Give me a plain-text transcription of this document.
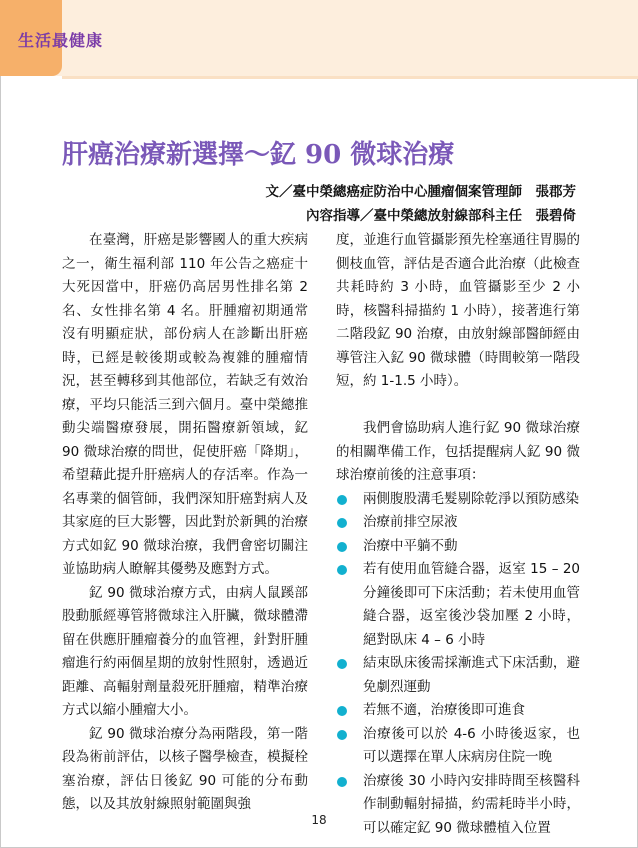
生活最健康
肝癌治療新選擇～釔 90 微球治療
文／臺中榮總癌症防治中心腫瘤個案管理師　張郡芳
內容指導／臺中榮總放射線部科主任　張碧倚

在臺灣，肝癌是影響國人的重大疾病之一，衛生福利部 110 年公告之癌症十大死因當中，肝癌仍高居男性排名第 2 名、女性排名第 4 名。肝腫瘤初期通常沒有明顯症狀，部份病人在診斷出肝癌時，已經是較後期或較為複雜的腫瘤情況，甚至轉移到其他部位，若缺乏有效治療，平均只能活三到六個月。臺中榮總推動尖端醫療發展，開拓醫療新領域，釔 90 微球治療的問世，促使肝癌「降期」，希望藉此提升肝癌病人的存活率。作為一名專業的個管師，我們深知肝癌對病人及其家庭的巨大影響，因此對於新興的治療方式如釔 90 微球治療，我們會密切關注並協助病人瞭解其優勢及應對方式。

釔 90 微球治療方式，由病人鼠蹊部股動脈經導管將微球注入肝臟，微球體滯留在供應肝腫瘤養分的血管裡，針對肝腫瘤進行約兩個星期的放射性照射，透過近距離、高輻射劑量殺死肝腫瘤，精準治療方式以縮小腫瘤大小。

釔 90 微球治療分為兩階段，第一階段為術前評估，以核子醫學檢查，模擬栓塞治療，評估日後釔 90 可能的分布動態，以及其放射線照射範圍與強

度，並進行血管攝影預先栓塞通往胃腸的側枝血管，評估是否適合此治療（此檢查共耗時約 3 小時，血管攝影至少 2 小時，核醫科掃描約 1 小時），接著進行第二階段釔 90 治療，由放射線部醫師經由導管注入釔 90 微球體（時間較第一階段短，約 1-1.5 小時）。

我們會協助病人進行釔 90 微球治療的相關準備工作，包括提醒病人釔 90 微球治療前後的注意事項：

兩側腹股溝毛髮剔除乾淨以預防感染
治療前排空尿液
治療中平躺不動
若有使用血管縫合器，返室 15 – 20 分鐘後即可下床活動；若未使用血管縫合器，返室後沙袋加壓 2 小時，絕對臥床 4 – 6 小時
結束臥床後需採漸進式下床活動，避免劇烈運動
若無不適，治療後即可進食
治療後可以於 4-6 小時後返家，也可以選擇在單人床病房住院一晚
治療後 30 小時內安排時間至核醫科作制動輻射掃描，約需耗時半小時，可以確定釔 90 微球體植入位置
18
